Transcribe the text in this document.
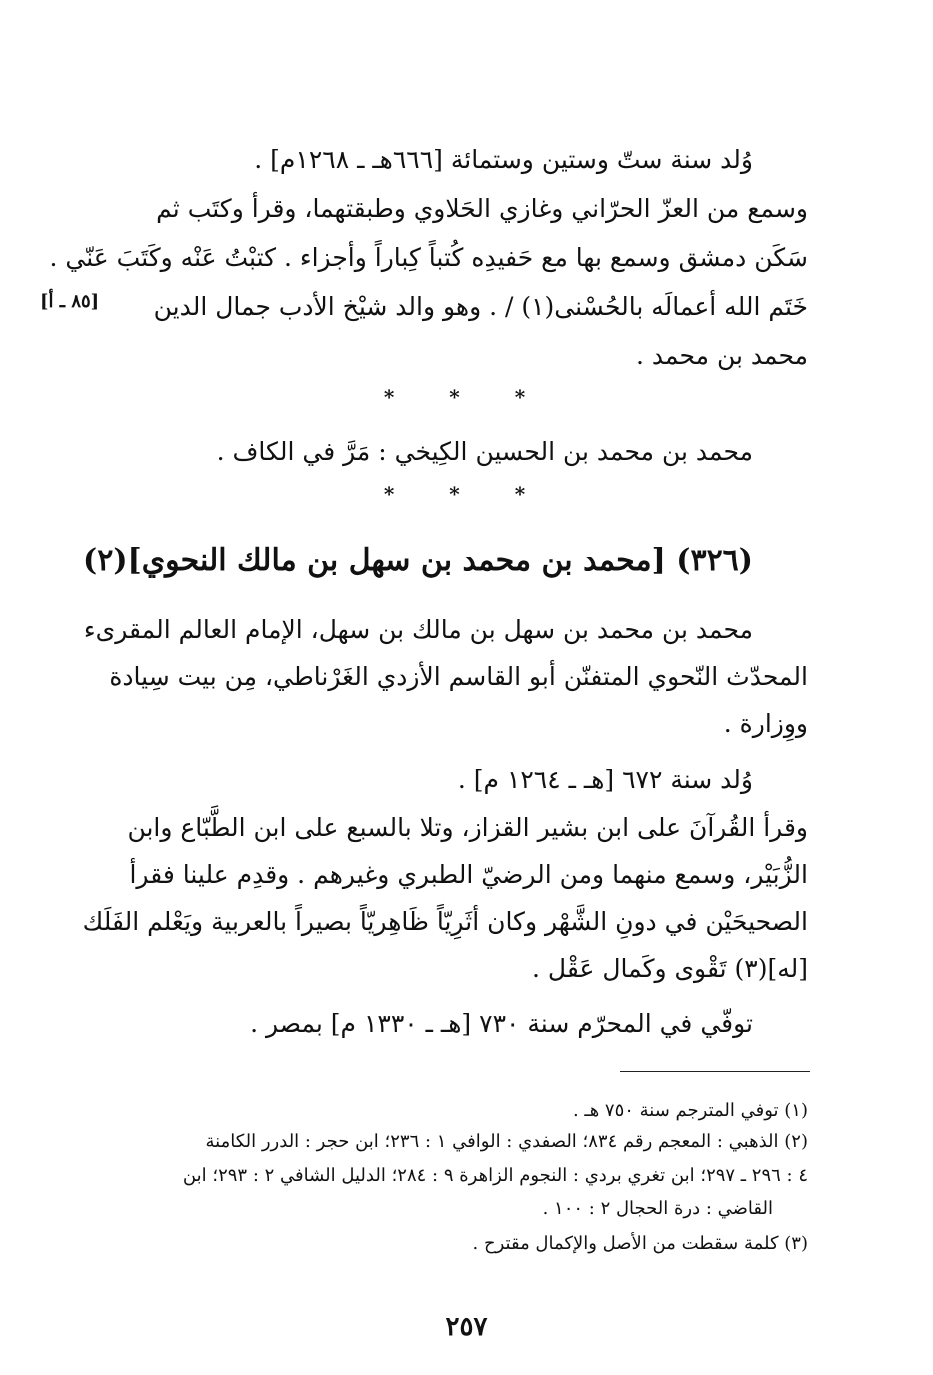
وُلد سنة ستّ وستين وستمائة [٦٦٦هـ ـ ١٢٦٨م] .
وسمع من العزّ الحرّاني وغازي الحَلاوي وطبقتهما، وقرأ وكتَب ثم
سَكَن دمشق وسمع بها مع حَفيدِه كُتباً كِباراً وأجزاء . كتبْتُ عَنْه وكَتَبَ عَنّي .
خَتَم الله أعمالَه بالحُسْنى(١) / . وهو والد شيْخ الأدب جمال الدين
[٨٥ ـ أ]
محمد بن محمد .
* * *
محمد بن محمد بن الحسين الكِيخي : مَرَّ في الكاف .
* * *
(٣٢٦) [محمد بن محمد بن سهل بن مالك النحوي](٢)
محمد بن محمد بن سهل بن مالك بن سهل، الإمام العالم المقرىء
المحدّث النّحوي المتفنّن أبو القاسم الأزدي الغَرْناطي، مِن بيت سِيادة
ووِزارة .
وُلد سنة ٦٧٢ [هـ ـ ١٢٦٤ م] .
وقرأ القُرآنَ على ابن بشير القزاز، وتلا بالسبع على ابن الطَّبّاع وابن
الزُّبَيْر، وسمع منهما ومن الرضيّ الطبري وغيرهم . وقدِم علينا فقرأ
الصحيحَيْن في دونِ الشَّهْر وكان أثَرِيّاً ظَاهِريّاً بصيراً بالعربية ويَعْلم الفَلَك
[له](٣) تَقْوى وكَمال عَقْل .
توفّي في المحرّم سنة ٧٣٠ [هـ ـ ١٣٣٠ م] بمصر .
(١) توفي المترجم سنة ٧٥٠ هـ .
(٢) الذهبي : المعجم رقم ٨٣٤؛ الصفدي : الوافي ١ : ٢٣٦؛ ابن حجر : الدرر الكامنة
٤ : ٢٩٦ ـ ٢٩٧؛ ابن تغري بردي : النجوم الزاهرة ٩ : ٢٨٤؛ الدليل الشافي ٢ : ٢٩٣؛ ابن
القاضي : درة الحجال ٢ : ١٠٠ .
(٣) كلمة سقطت من الأصل والإكمال مقترح .
٢٥٧
